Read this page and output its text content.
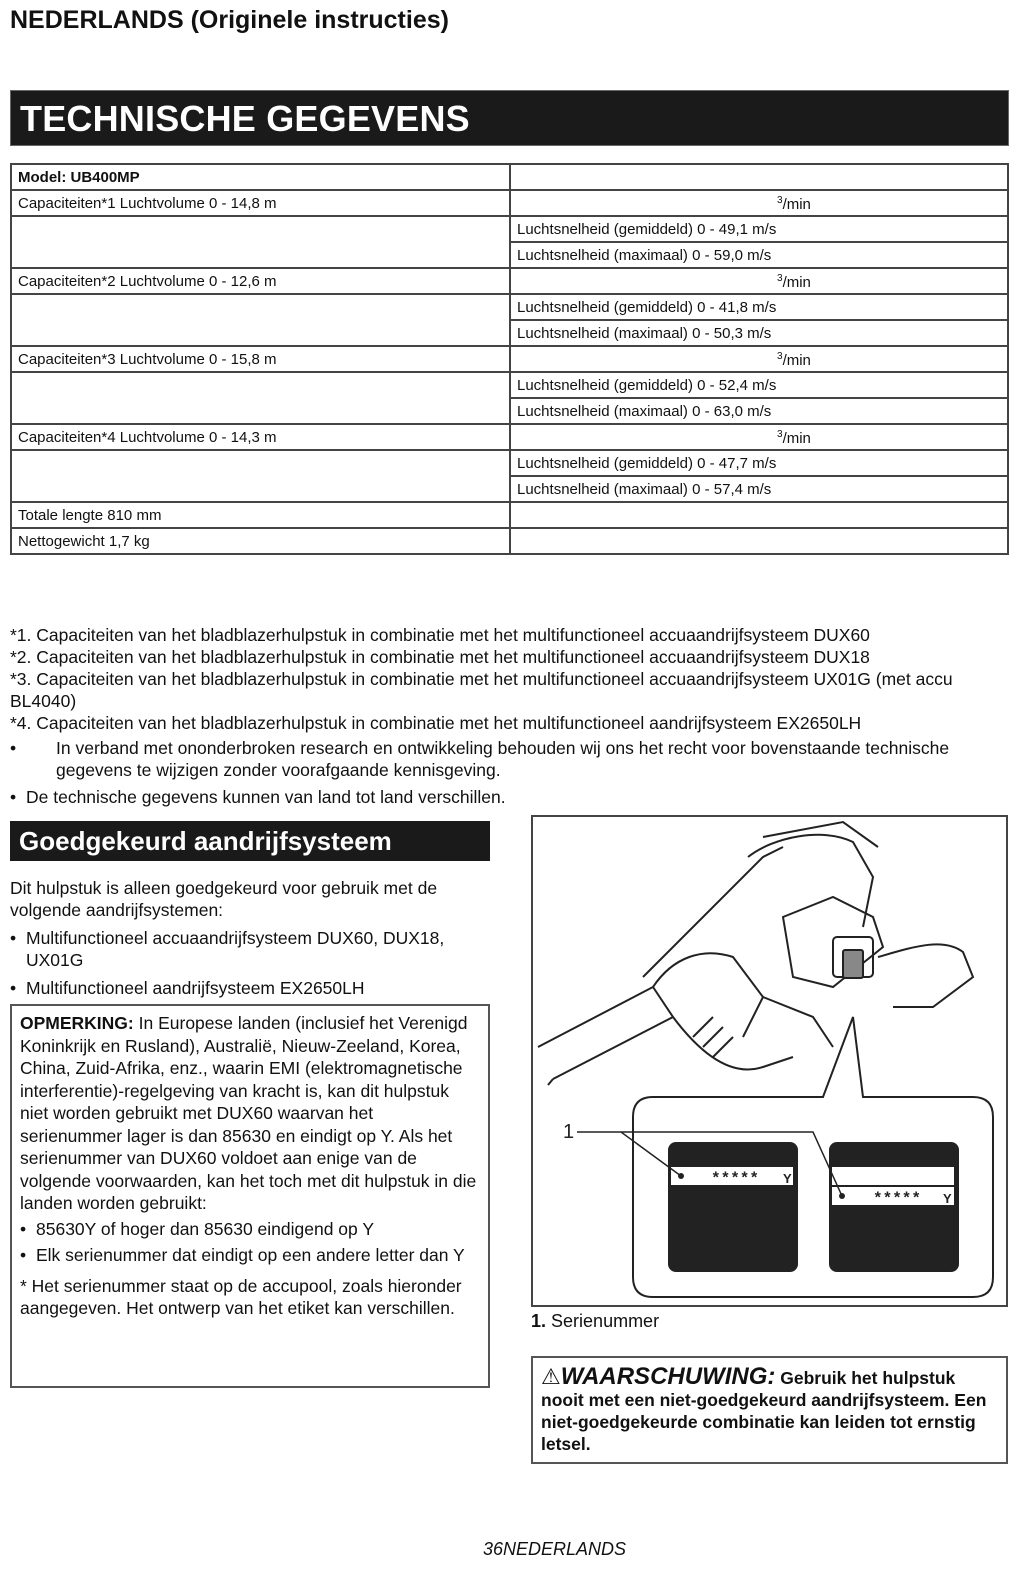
NEDERLANDS (Originele instructies)
TECHNISCHE GEGEVENS
Model: UB400MP	
Capaciteiten*1 Luchtvolume 0 - 14,8 m	$^3$/min
	Luchtsnelheid (gemiddeld) 0 - 49,1 m/s
	Luchtsnelheid (maximaal) 0 - 59,0 m/s
Capaciteiten*2 Luchtvolume 0 - 12,6 m	$^3$/min
	Luchtsnelheid (gemiddeld) 0 - 41,8 m/s
	Luchtsnelheid (maximaal) 0 - 50,3 m/s
Capaciteiten*3 Luchtvolume 0 - 15,8 m	$^3$/min
	Luchtsnelheid (gemiddeld) 0 - 52,4 m/s
	Luchtsnelheid (maximaal) 0 - 63,0 m/s
Capaciteiten*4 Luchtvolume 0 - 14,3 m	$^3$/min
	Luchtsnelheid (gemiddeld) 0 - 47,7 m/s
	Luchtsnelheid (maximaal) 0 - 57,4 m/s
Totale lengte 810 mm	
Nettogewicht 1,7 kg	

*1. Capaciteiten van het bladblazerhulpstuk in combinatie met het multifunctioneel accuaandrijfsysteem DUX60

*2. Capaciteiten van het bladblazerhulpstuk in combinatie met het multifunctioneel accuaandrijfsysteem DUX18

*3. Capaciteiten van het bladblazerhulpstuk in combinatie met het multifunctioneel accuaandrijfsysteem UX01G (met accu BL4040)

*4. Capaciteiten van het bladblazerhulpstuk in combinatie met het multifunctioneel aandrijfsysteem EX2650LH

•	In verband met ononderbroken research en ontwikkeling behouden wij ons het recht voor bovenstaande technische gegevens te wijzigen zonder voorafgaande kennisgeving.
• De technische gegevens kunnen van land tot land verschillen.
Goedgekeurd aandrijfsysteem

Dit hulpstuk is alleen goedgekeurd voor gebruik met de volgende aandrijfsystemen:

• Multifunctioneel accuaandrijfsysteem DUX60, DUX18, UX01G
• Multifunctioneel aandrijfsysteem EX2650LH

OPMERKING: In Europese landen (inclusief het Verenigd Koninkrijk en Rusland), Australië, Nieuw-Zeeland, Korea, China, Zuid-Afrika, enz., waarin EMI (elektromagnetische interferentie)-regelgeving van kracht is, kan dit hulpstuk niet worden gebruikt met DUX60 waarvan het serienummer lager is dan 85630 en eindigt op Y. Als het serienummer van DUX60 voldoet aan enige van de volgende voorwaarden, kan het toch met dit hulpstuk in die landen worden gebruikt:

• 85630Y of hoger dan 85630 eindigend op Y
• Elk serienummer dat eindigt op een andere letter dan Y

* Het serienummer staat op de accupool, zoals hieronder aangegeven. Het ontwerp van het etiket kan verschillen.

1
***** Y
***** Y
1. Serienummer
⚠WAARSCHUWING: Gebruik het hulpstuk nooit met een niet-goedgekeurd aandrijfsysteem. Een niet-goedgekeurde combinatie kan leiden tot ernstig letsel.
36NEDERLANDS
